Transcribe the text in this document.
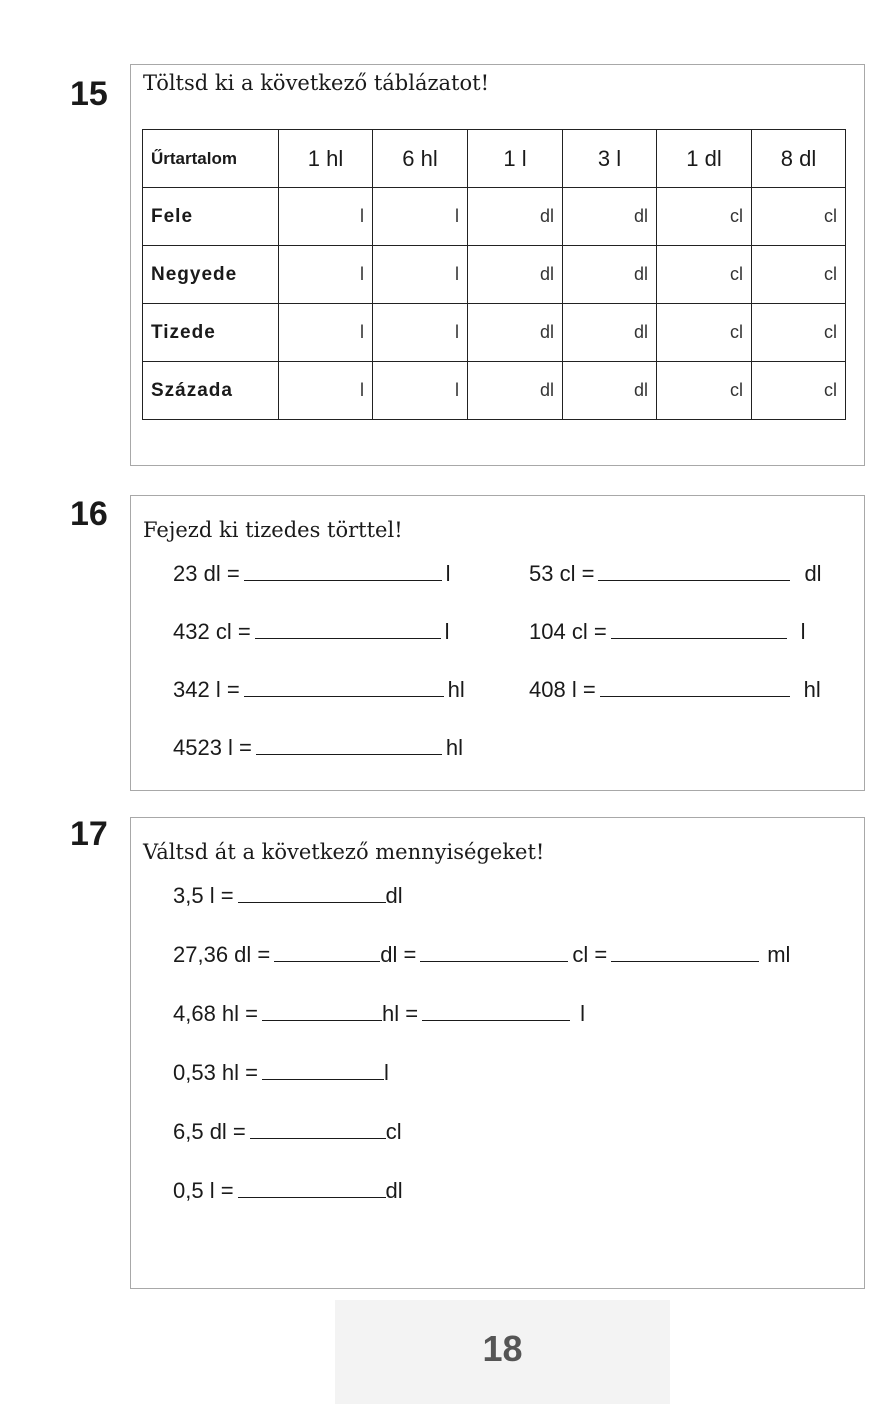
15 Töltsd ki a következő táblázatot!
Űrtartalom	1 hl	6 hl	1 l	3 l	1 dl	8 dl
Fele	l	l	dl	dl	cl	cl
Negyede	l	l	dl	dl	cl	cl
Tizede	l	l	dl	dl	cl	cl
Százada	l	l	dl	dl	cl	cl
16 Fejezd ki tizedes törttel!
23 dl =	l	53 cl =	dl
432 cl =	l	104 cl =	l
342 l =	hl	408 l =	hl
4523 l =	hl
17 Váltsd át a következő mennyiségeket!
3,5 l =	dl
27,36 dl =	dl =	cl =	ml
4,68 hl =	hl =	l
0,53 hl =	l
6,5 dl =	cl
0,5 l =	dl
18
